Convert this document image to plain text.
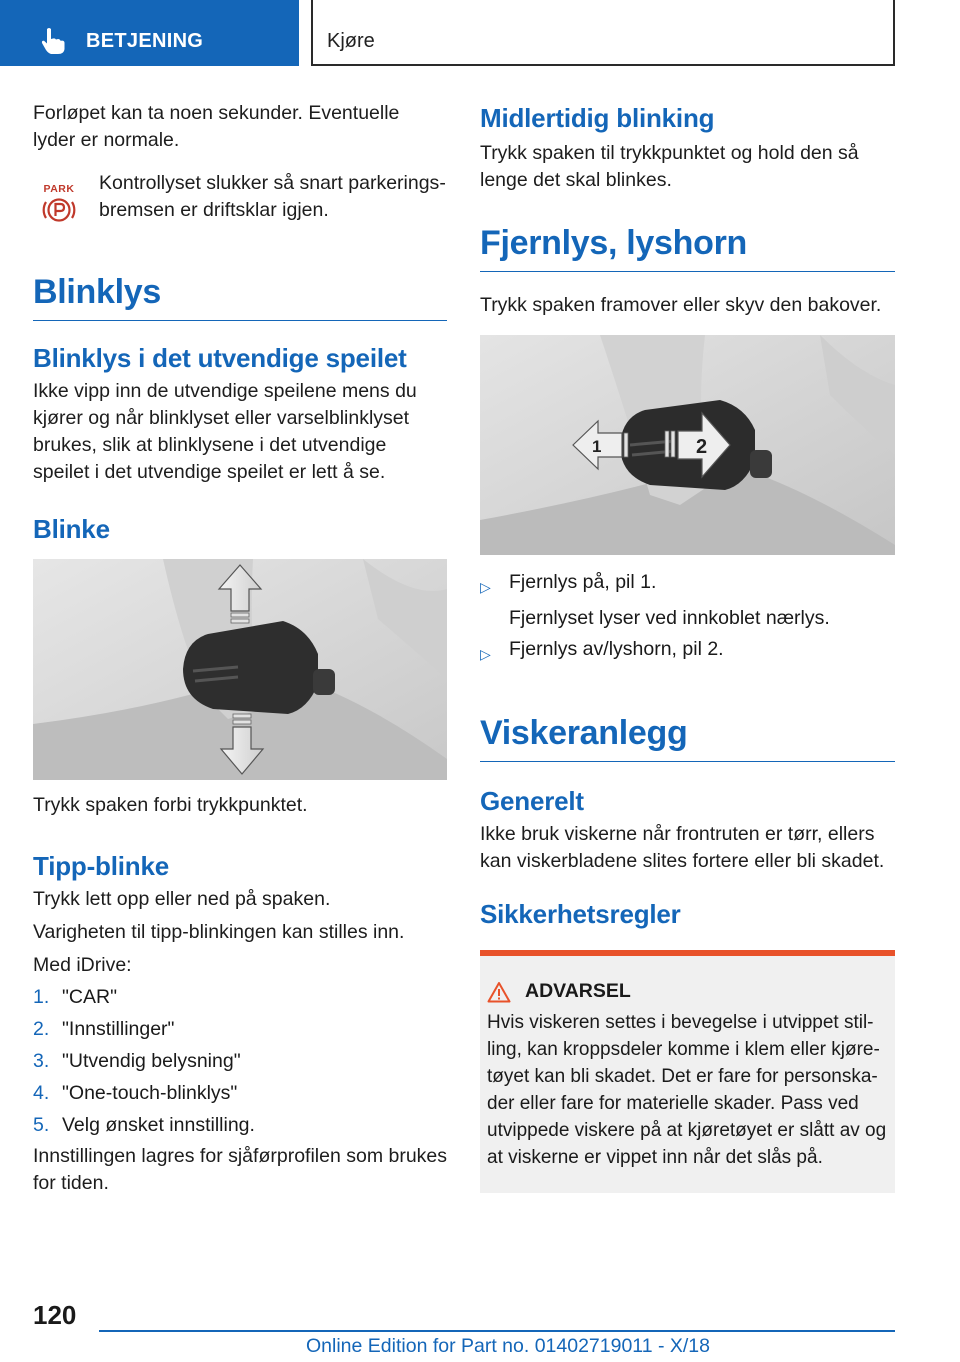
BETJENING	Kjøre

Forløpet kan ta noen sekunder. Eventuelle lyder er normale.

PARK Kontrollyset slukker så snart parkeringsbremsen er driftsklar igjen.

Blinklys
Blinklys i det utvendige speilet

Ikke vipp inn de utvendige speilene mens du kjører og når blinklyset eller varselblinklyset brukes, slik at blinklysene i det utvendige speilet i det utvendige speilet er lett å se.

Blinke

Trykk spaken forbi trykkpunktet.

Tipp-blinke

Trykk lett opp eller ned på spaken.

Varigheten til tipp-blinkingen kan stilles inn.

Med iDrive:

1. "CAR"
2. "Innstillinger"
3. "Utvendig belysning"
4. "One-touch-blinklys"
5. Velg ønsket innstilling.

Innstillingen lagres for sjåførprofilen som brukes for tiden.

Midlertidig blinking

Trykk spaken til trykkpunktet og hold den så lenge det skal blinkes.

Fjernlys, lyshorn

Trykk spaken framover eller skyv den bakover.

1	2
▷ Fjernlys på, pil 1.
Fjernlyset lyser ved innkoblet nærlys.
▷ Fjernlys av/lyshorn, pil 2.
Viskeranlegg
Generelt

Ikke bruk viskerne når frontruten er tørr, ellers kan viskerbladene slites fortere eller bli skadet.

Sikkerhetsregler
ADVARSEL

Hvis viskeren settes i bevegelse i utvippet stilling, kan kroppsdeler komme i klem eller kjøretøyet kan bli skadet. Det er fare for personskader eller fare for materielle skader. Pass ved utvippede viskere på at kjøretøyet er slått av og at viskerne er vippet inn når det slås på.

120
Online Edition for Part no. 01402719011 - X/18
